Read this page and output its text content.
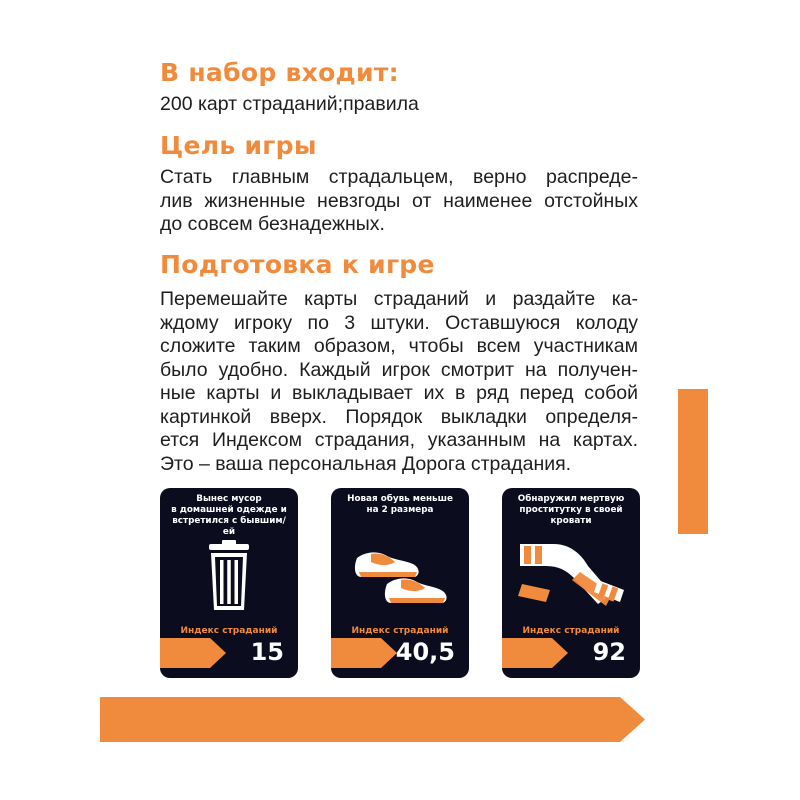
В набор входит:
200 карт страданий;правила
Цель игры
Стать главным страдальцем, верно распреде-
лив жизненные невзгоды от наименее отстойных
до совсем безнадежных.
Подготовка к игре
Перемешайте карты страданий и раздайте ка-
ждому игроку по 3 штуки. Оставшуюся колоду
сложите таким образом, чтобы всем участникам
было удобно. Каждый игрок смотрит на получен-
ные карты и выкладывает их в ряд перед собой
картинкой вверх. Порядок выкладки определя-
ется Индексом страдания, указанным на картах.
Это – ваша персональная Дорога страдания.
Вынес мусор
в домашней одежде и
встретился с бывшим/
ей
Индекс страданий
15
Новая обувь меньше
на 2 размера
Индекс страданий
40,5
Обнаружил мертвую
проститутку в своей
кровати
Индекс страданий
92
